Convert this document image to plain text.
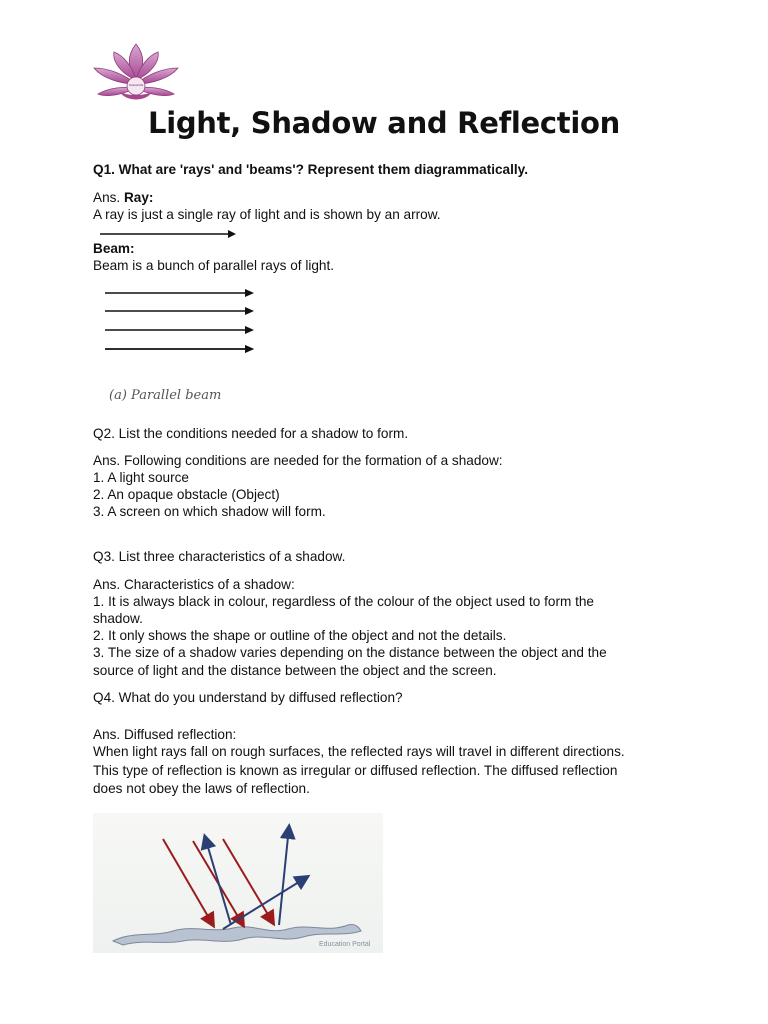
Samskills
Light, Shadow and Reflection
Q1. What are 'rays' and 'beams'? Represent them diagrammatically.
Ans. Ray:
A ray is just a single ray of light and is shown by an arrow.
Beam:
Beam is a bunch of parallel rays of light.
(a) Parallel beam
Q2. List the conditions needed for a shadow to form.
Ans. Following conditions are needed for the formation of a shadow:
1. A light source
2. An opaque obstacle (Object)
3. A screen on which shadow will form.
Q3. List three characteristics of a shadow.
Ans. Characteristics of a shadow:
1. It is always black in colour, regardless of the colour of the object used to form the
shadow.
2. It only shows the shape or outline of the object and not the details.
3. The size of a shadow varies depending on the distance between the object and the
source of light and the distance between the object and the screen.
Q4. What do you understand by diffused reflection?
Ans. Diffused reflection:
When light rays fall on rough surfaces, the reflected rays will travel in different directions.
This type of reflection is known as irregular or diffused reflection. The diffused reflection
does not obey the laws of reflection.
Education Portal
